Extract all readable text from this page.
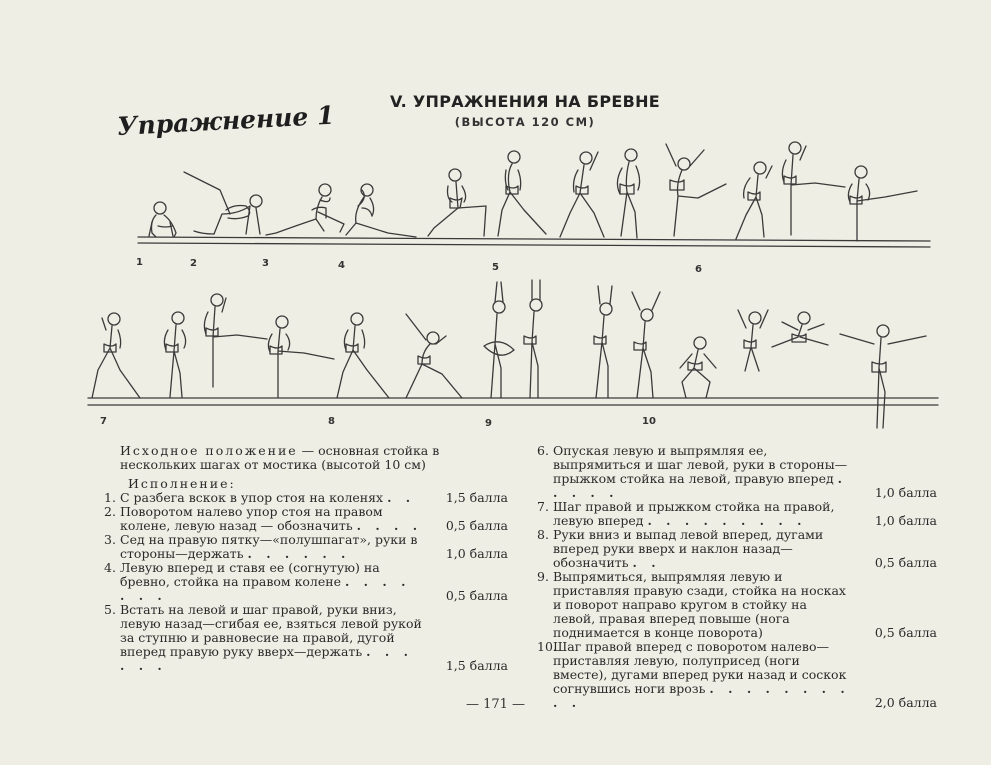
Упражнение 1	V. УПРАЖНЕНИЯ НА БРЕВНЕ
(ВЫСОТА 120 СМ)
1	2	3	4	5	6
7	8	9	10

Исходное положение — основная стойка в нескольких шагах от мостика (высотой 10 см)

Исполнение:

1. С разбега вскок в упор стоя на коленях . .	1,5 балла

2. Поворотом налево упор стоя на правом колене, левую назад — обозначить . . . .	0,5 балла

3. Сед на правую пятку—«полушпагат», руки в стороны—держать . . . . . .	1,0 балла

4. Левую вперед и ставя ее (согнутую) на бревно, стойка на правом колене . . . . . . .	0,5 балла

5. Встать на левой и шаг правой, руки вниз, левую назад—сгибая ее, взяться левой рукой за ступню и равновесие на правой, дугой вперед правую руку вверх—держать . . . . . .	1,5 балла

6. Опуская левую и выпрямляя ее, выпрямиться и шаг левой, руки в стороны—прыжком стойка на левой, правую вперед . . . . .	1,0 балла

7. Шаг правой и прыжком стойка на правой, левую вперед . . . . . . . . .	1,0 балла

8. Руки вниз и выпад левой вперед, дугами вперед руки вверх и наклон назад—обозначить . .	0,5 балла

9. Выпрямиться, выпрямляя левую и приставляя правую сзади, стойка на носках и поворот направо кругом в стойку на левой, правая вперед повыше (нога поднимается в конце поворота)	0,5 балла

10.
Шаг правой вперед с поворотом налево—приставляя левую, полуприсед (ноги вместе), дугами вперед руки назад и соскок согнувшись ноги врозь . . . . . . . . . .	2,0 балла

— 171 —
